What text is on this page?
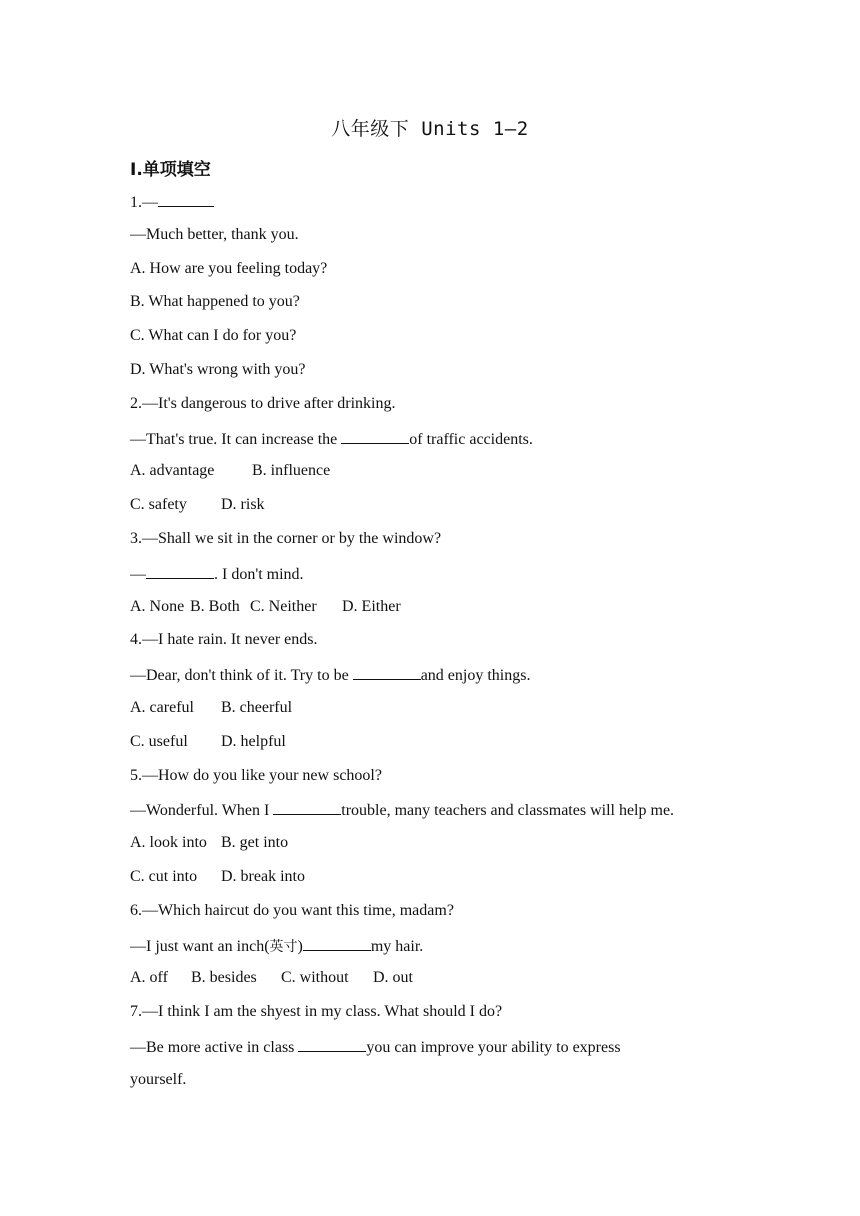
八年级下 Units 1—2
Ⅰ.单项填空
1.—
—Much better, thank you.
A. How are you feeling today?
B. What happened to you?
C. What can I do for you?
D. What's wrong with you?
2.—It's dangerous to drive after drinking.
—That's true. It can increase the	of traffic accidents.
A. advantage B. influence
C. safety D. risk
3.—Shall we sit in the corner or by the window?
—	. I don't mind.
A. None B. Both C. Neither D. Either
4.—I hate rain. It never ends.
—Dear, don't think of it. Try to be	and enjoy things.
A. careful B. cheerful
C. useful D. helpful
5.—How do you like your new school?
—Wonderful. When I	trouble, many teachers and classmates will help me.
A. look into B. get into
C. cut into D. break into
6.—Which haircut do you want this time, madam?
—I just want an inch(英寸)	my hair.
A. off B. besides C. without D. out
7.—I think I am the shyest in my class. What should I do?
—Be more active in class	you can improve your ability to express
yourself.
